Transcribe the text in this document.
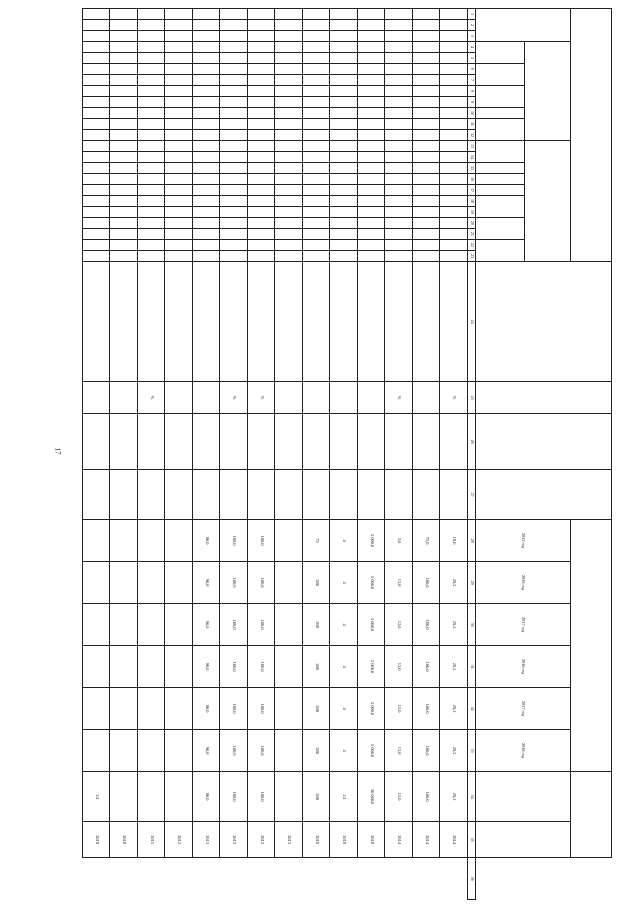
17

																											2012 год	2016 год	2017 год	2016 год	2017 год	2018 год			

1	2	3	4	5	6	7	8	9	10	11	12	13	14	15	16	17	18	19	20	21	22	23	24	25	26	27	28	29	30	31	32	33	34	35	36
																								%			19,0	29,2	29,2	29,2	29,2	29,2	29,2	2014	
																											75,0	100,0	100,0	100,0	100,0	100,0	100,0	2014	
																								%			3,0	12,0	12,0	12,0	12,0	12,0	12,0	2014	
																											5 000,0	5 000,0	5 000,0	5 000,0	5 000,0	5 000,0	30 000,0	2018	
																											4	4	4	4	4	4	24	2018	
																											72	200	200	200	200	200	200	2018	
																																		2013	
																								%			100,0	100,0	100,0	100,0	100,0	100,0	100,0	2013	
																								%			100,0	100,0	100,0	100,0	100,0	100,0	100,0	2013	
																											90,0	90,0	90,0	90,0	90,0	90,0	90,0	2013	
																																		2012	
																								%										2015	
																																		2018	
																																	24	2018	
